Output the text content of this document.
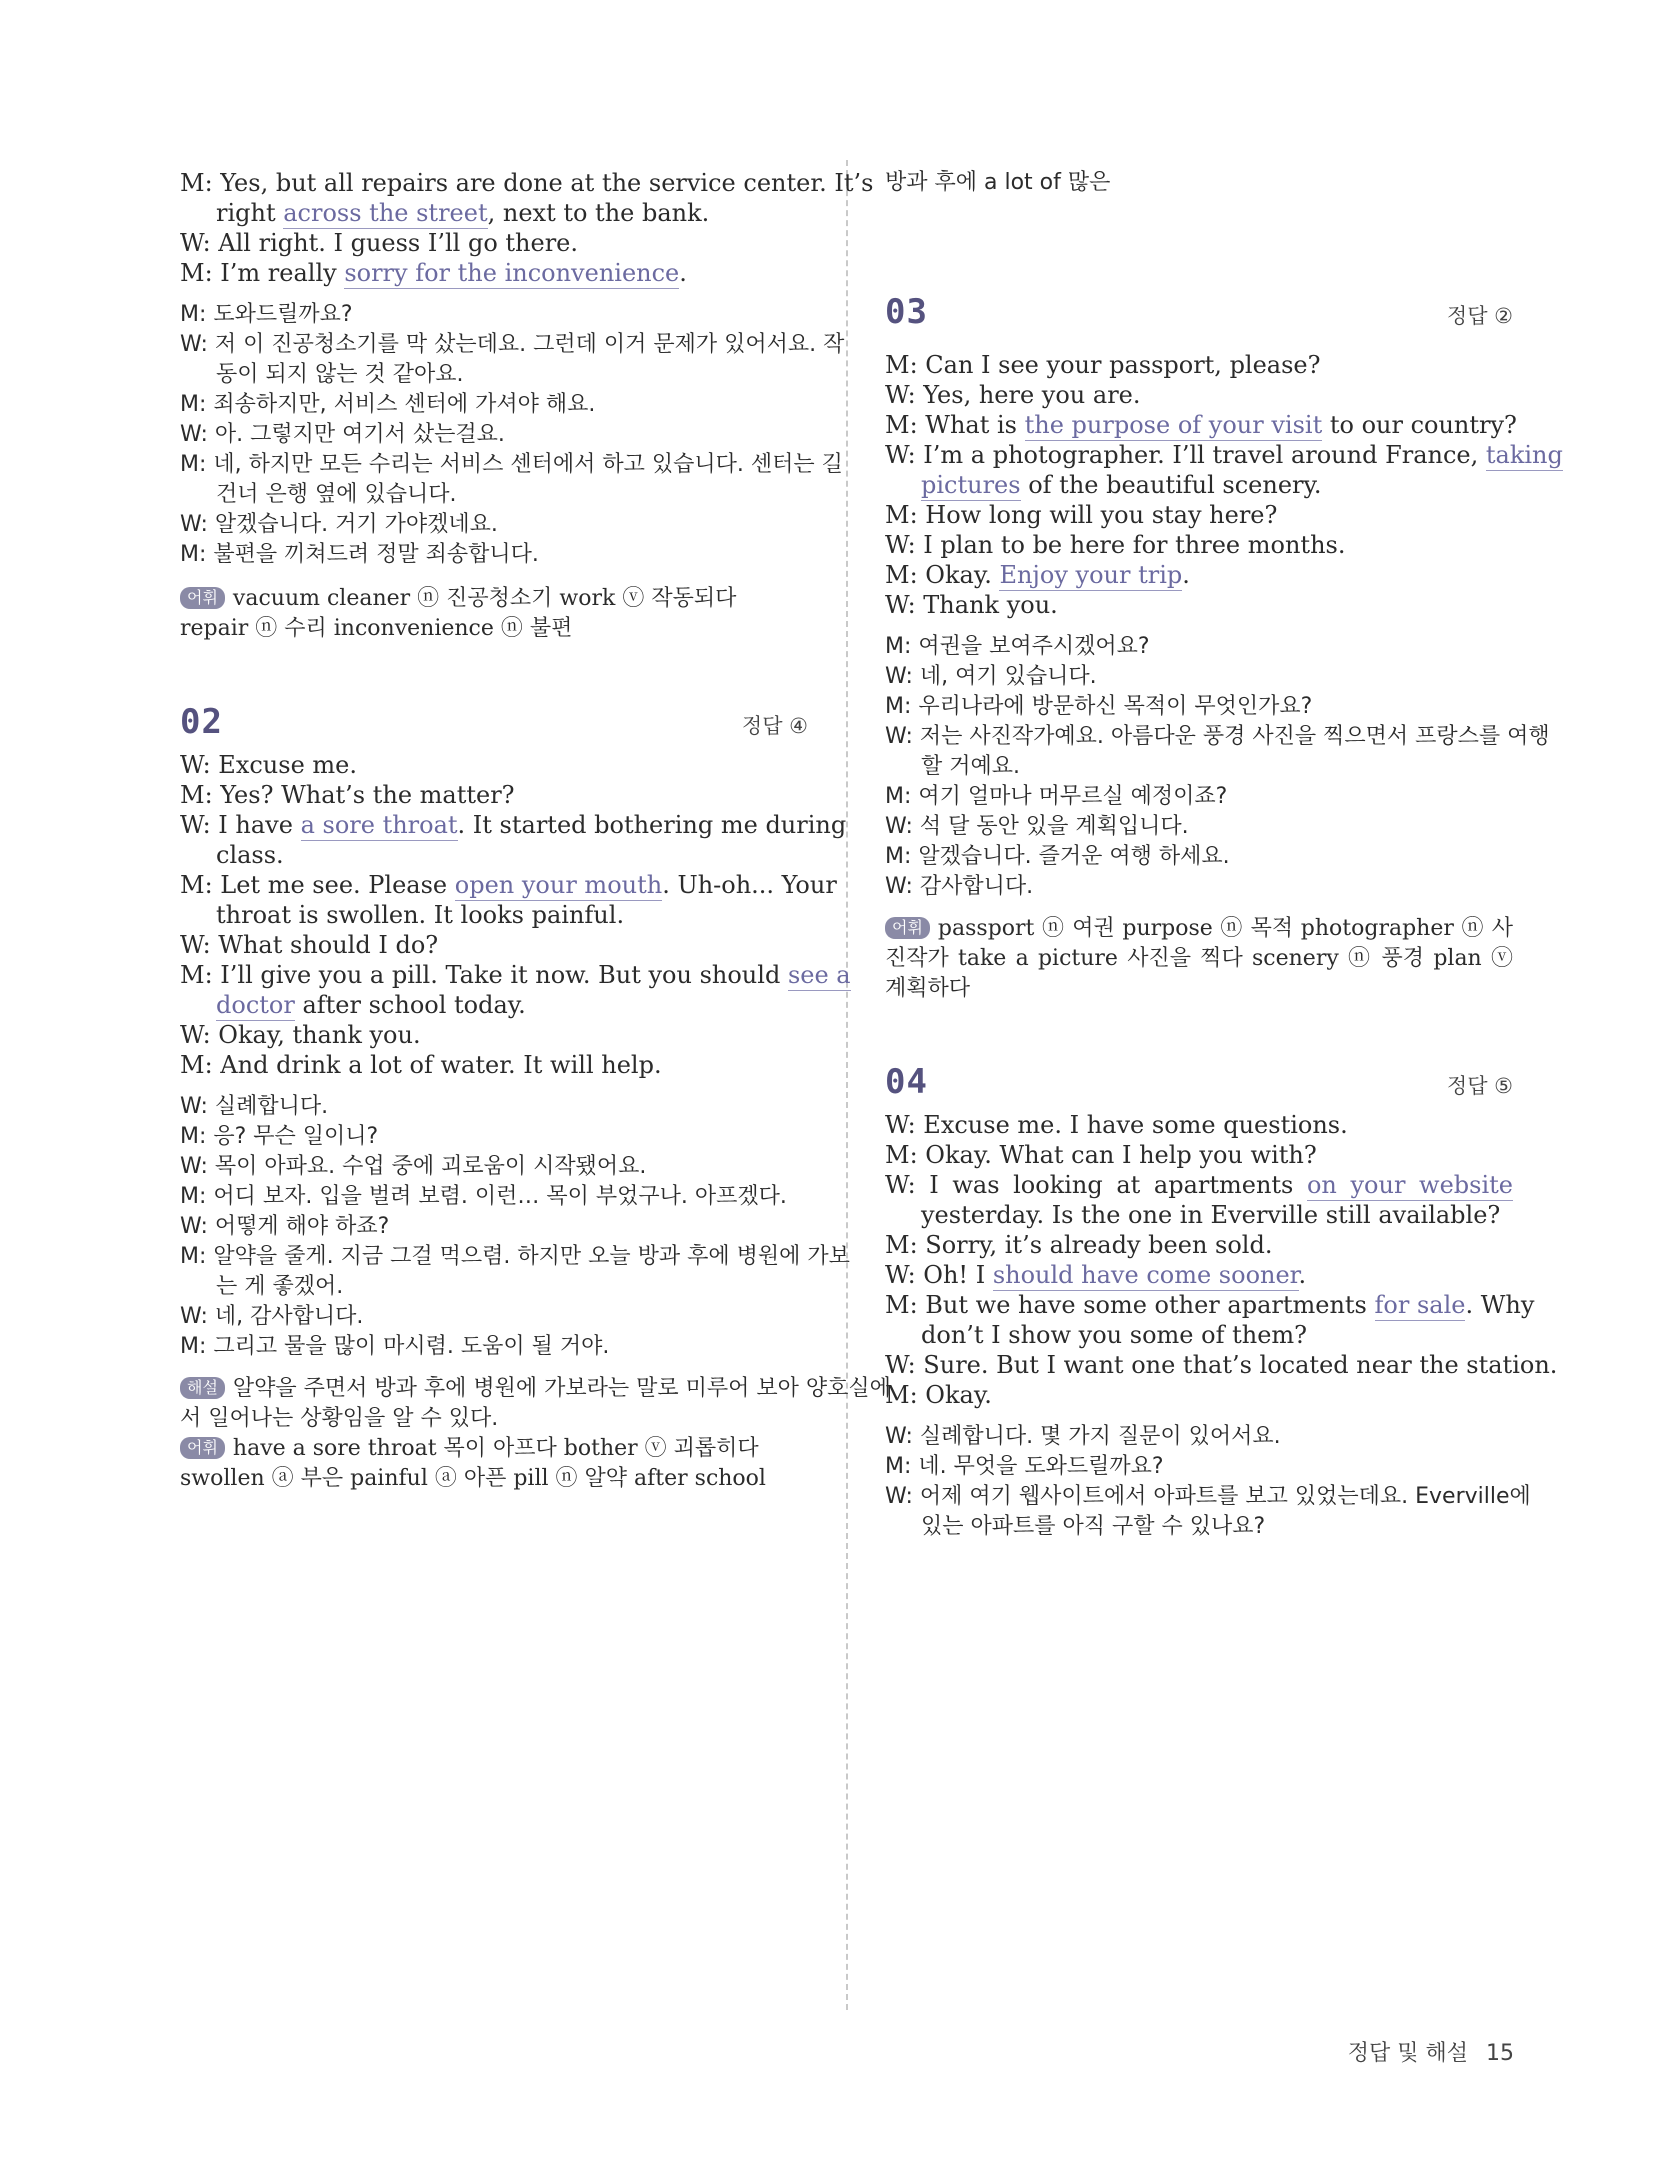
M: Yes, but all repairs are done at the service center. It’s
right across the street, next to the bank.
W: All right. I guess I’ll go there.
M: I’m really sorry for the inconvenience.
M: 도와드릴까요?
W: 저 이 진공청소기를 막 샀는데요. 그런데 이거 문제가 있어서요. 작
동이 되지 않는 것 같아요.
M: 죄송하지만, 서비스 센터에 가셔야 해요.
W: 아. 그렇지만 여기서 샀는걸요.
M: 네, 하지만 모든 수리는 서비스 센터에서 하고 있습니다. 센터는 길
건너 은행 옆에 있습니다.
W: 알겠습니다. 거기 가야겠네요.
M: 불편을 끼쳐드려 정말 죄송합니다.
어휘 vacuum cleaner ⓝ 진공청소기 work ⓥ 작동되다
repair ⓝ 수리 inconvenience ⓝ 불편
02	정답 ④
W: Excuse me.
M: Yes? What’s the matter?
W: I have a sore throat. It started bothering me during
class.
M: Let me see. Please open your mouth. Uh-oh... Your
throat is swollen. It looks painful.
W: What should I do?
M: I’ll give you a pill. Take it now. But you should see a
doctor after school today.
W: Okay, thank you.
M: And drink a lot of water. It will help.
W: 실례합니다.
M: 응? 무슨 일이니?
W: 목이 아파요. 수업 중에 괴로움이 시작됐어요.
M: 어디 보자. 입을 벌려 보렴. 이런… 목이 부었구나. 아프겠다.
W: 어떻게 해야 하죠?
M: 알약을 줄게. 지금 그걸 먹으렴. 하지만 오늘 방과 후에 병원에 가보
는 게 좋겠어.
W: 네, 감사합니다.
M: 그리고 물을 많이 마시렴. 도움이 될 거야.
해설 알약을 주면서 방과 후에 병원에 가보라는 말로 미루어 보아 양호실에
서 일어나는 상황임을 알 수 있다.
어휘 have a sore throat 목이 아프다 bother ⓥ 괴롭히다
swollen ⓐ 부은 painful ⓐ 아픈 pill ⓝ 알약 after school
방과 후에 a lot of 많은
03	정답 ②
M: Can I see your passport, please?
W: Yes, here you are.
M: What is the purpose of your visit to our country?
W: I’m a photographer. I’ll travel around France, taking
pictures of the beautiful scenery.
M: How long will you stay here?
W: I plan to be here for three months.
M: Okay. Enjoy your trip.
W: Thank you.
M: 여권을 보여주시겠어요?
W: 네, 여기 있습니다.
M: 우리나라에 방문하신 목적이 무엇인가요?
W: 저는 사진작가예요. 아름다운 풍경 사진을 찍으면서 프랑스를 여행
할 거예요.
M: 여기 얼마나 머무르실 예정이죠?
W: 석 달 동안 있을 계획입니다.
M: 알겠습니다. 즐거운 여행 하세요.
W: 감사합니다.
어휘 passport ⓝ 여권 purpose ⓝ 목적 photographer ⓝ 사
진작가 take a picture 사진을 찍다 scenery ⓝ 풍경 plan ⓥ
계획하다
04	정답 ⑤
W: Excuse me. I have some questions.
M: Okay. What can I help you with?
W: I was looking at apartments on your website
yesterday. Is the one in Everville still available?
M: Sorry, it’s already been sold.
W: Oh! I should have come sooner.
M: But we have some other apartments for sale. Why
don’t I show you some of them?
W: Sure. But I want one that’s located near the station.
M: Okay.
W: 실례합니다. 몇 가지 질문이 있어서요.
M: 네. 무엇을 도와드릴까요?
W: 어제 여기 웹사이트에서 아파트를 보고 있었는데요. Everville에
있는 아파트를 아직 구할 수 있나요?
정답 및 해설 15
